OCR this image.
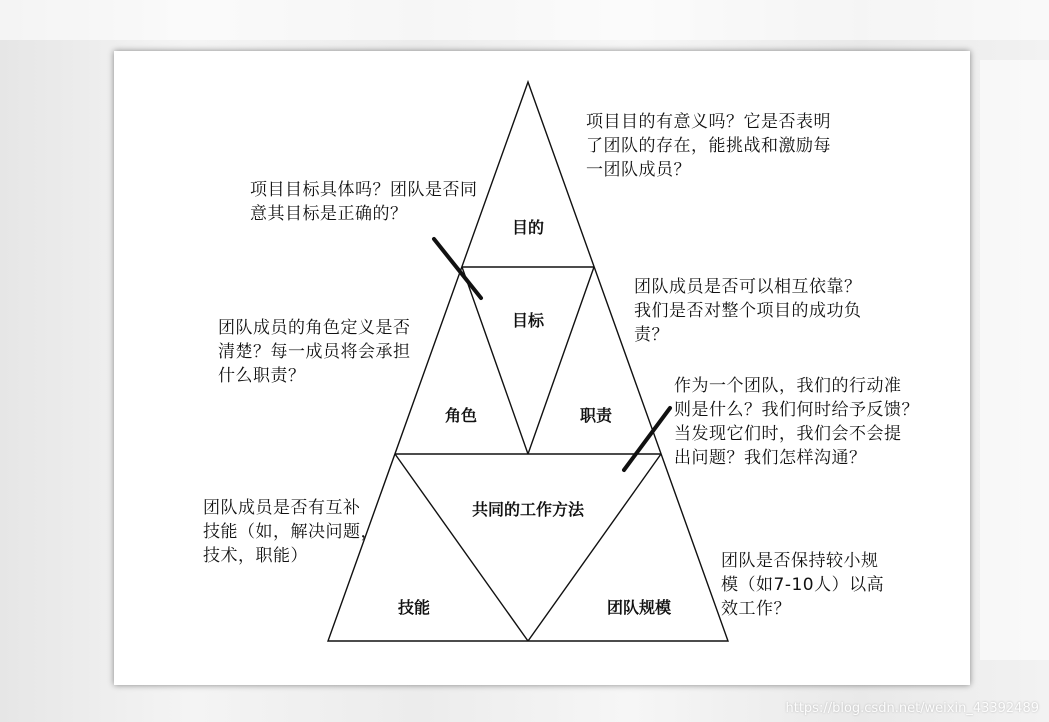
目的
目标
角色	职责
共同的工作方法
技能	团队规模
项目目的有意义吗？它是否表明
了团队的存在，能挑战和激励每
一团队成员？
项目目标具体吗？团队是否同
意其目标是正确的？
团队成员是否可以相互依靠？
我们是否对整个项目的成功负
责？
团队成员的角色定义是否
清楚？每一成员将会承担
什么职责？	作为一个团队，我们的行动准
则是什么？我们何时给予反馈？
当发现它们时，我们会不会提
出问题？我们怎样沟通？
团队成员是否有互补
技能（如，解决问题，
技术，职能）	团队是否保持较小规
模（如7-10人）以高
效工作？
https://blog.csdn.net/weixin_43392489
